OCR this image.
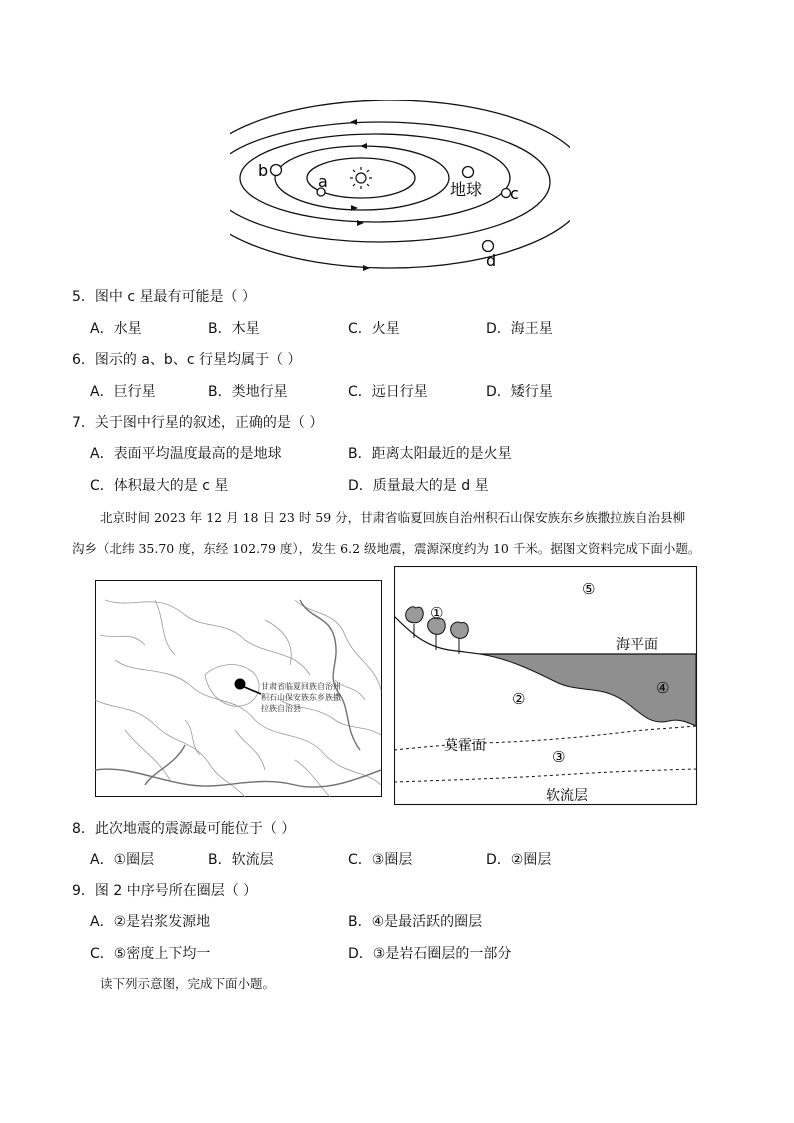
a
b
地球 c
d
5．图中 c 星最有可能是（ ）
A．水星	B．木星	C．火星	D．海王星
6．图示的 a、b、c 行星均属于（ ）
A．巨行星	B．类地行星	C．远日行星	D．矮行星
7．关于图中行星的叙述，正确的是（ ）
A．表面平均温度最高的是地球	B．距离太阳最近的是火星
C．体积最大的是 c 星	D．质量最大的是 d 星
北京时间 2023 年 12 月 18 日 23 时 59 分，甘肃省临夏回族自治州积石山保安族东乡族撒拉族自治县柳
沟乡（北纬 35.70 度，东经 102.79 度），发生 6.2 级地震，震源深度约为 10 千米。据图文资料完成下面小题。
甘肃省临夏回族自治州
积石山保安族东乡族撒
拉族自治县
①
⑤
海平面
④
②
莫霍面
③
软流层
8．此次地震的震源最可能位于（ ）
A．①圈层	B．软流层	C．③圈层	D．②圈层
9．图 2 中序号所在圈层（ ）
A．②是岩浆发源地	B．④是最活跃的圈层
C．⑤密度上下均一	D．③是岩石圈层的一部分
读下列示意图，完成下面小题。
